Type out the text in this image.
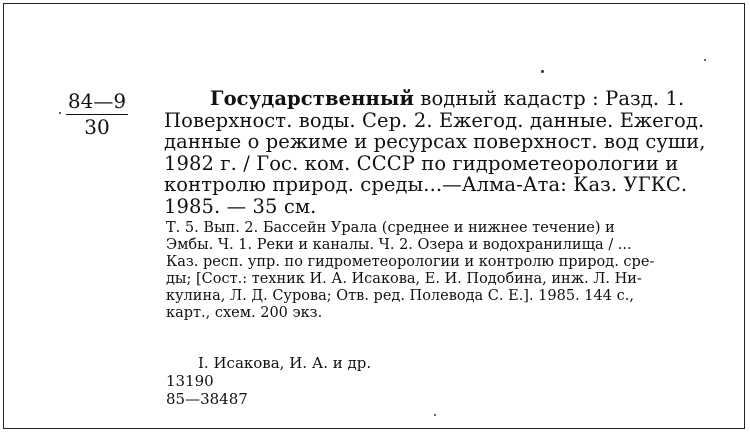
84—9
30
Государственный водный кадастр : Разд. 1.
Поверхност. воды. Сер. 2. Ежегод. данные. Ежегод.
данные о режиме и ресурсах поверхност. вод суши,
1982 г. / Гос. ком. СССР по гидрометеорологии и
контролю природ. среды...—Алма-Ата: Каз. УГКС.
1985. — 35 см.
Т. 5. Вып. 2. Бассейн Урала (среднее и нижнее течение) и
Эмбы. Ч. 1. Реки и каналы. Ч. 2. Озера и водохранилища / ...
Каз. респ. упр. по гидрометеорологии и контролю природ. сре-
ды; [Сост.: техник И. А. Исакова, Е. И. Подобина, инж. Л. Ни-
кулина, Л. Д. Сурова; Отв. ред. Полевода С. Е.]. 1985. 144 с.,
карт., схем. 200 экз.
I. Исакова, И. А. и др.
13190
85—38487
